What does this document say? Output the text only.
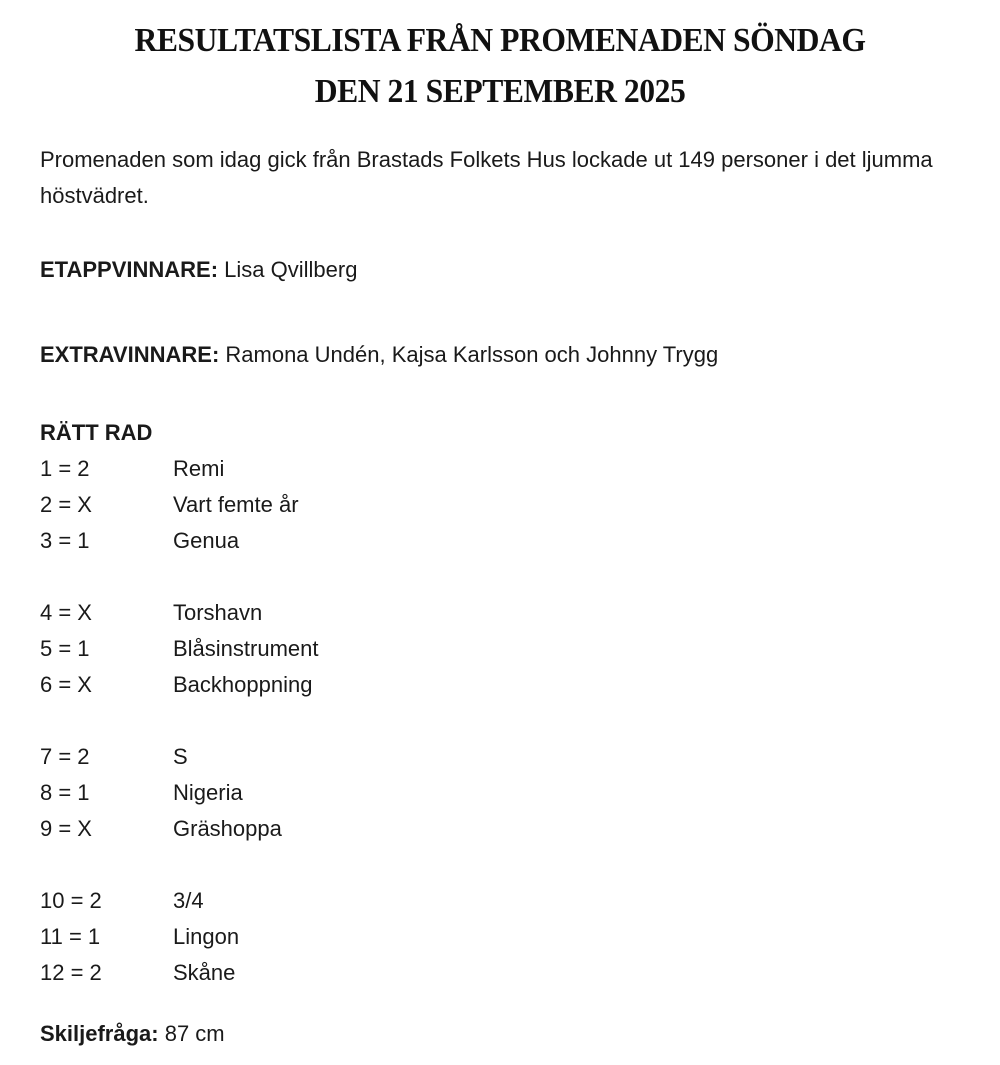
RESULTATSLISTA FRÅN PROMENADEN SÖNDAG
DEN 21 SEPTEMBER 2025

Promenaden som idag gick från Brastads Folkets Hus lockade ut 149 personer i det ljumma höstvädret.

ETAPPVINNARE: Lisa Qvillberg

EXTRAVINNARE: Ramona Undén, Kajsa Karlsson och Johnny Trygg

RÄTT RAD

1 = 2	Remi
2 = X	Vart femte år
3 = 1	Genua
4 = X	Torshavn
5 = 1	Blåsinstrument
6 = X	Backhoppning
7 = 2	S
8 = 1	Nigeria
9 = X	Gräshoppa
10 = 2	3/4
11 = 1	Lingon
12 = 2	Skåne

Skiljefråga: 87 cm
